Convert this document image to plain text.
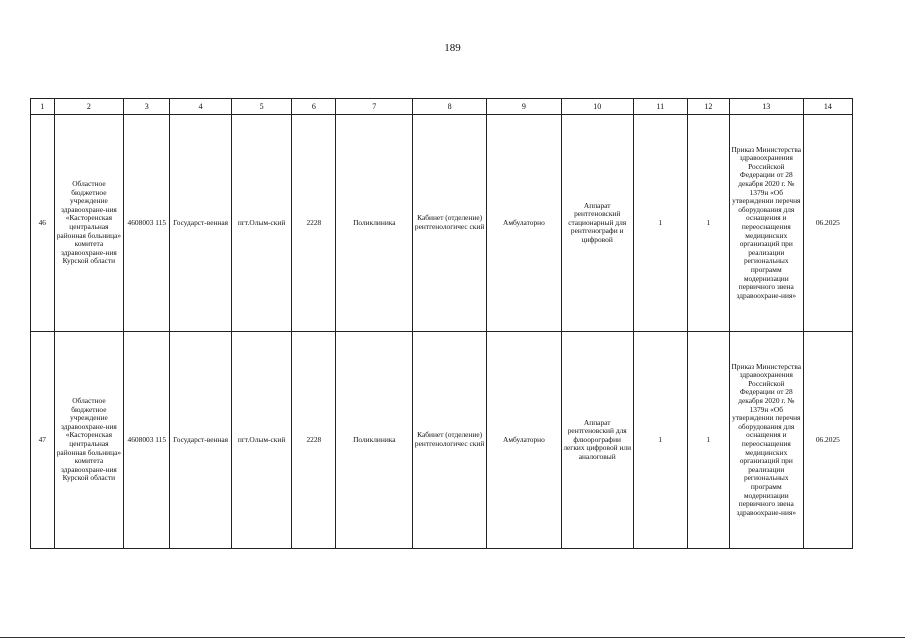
189
1	2	3	4	5	6	7	8	9	10	11	12	13	14
46	Областное бюджетное учреждение здравоохране-ния «Касторенская центральная районная больница» комитета здравоохране-ния Курской области	4608003 115	Государст-венная	пгт.Олым-ский	2228	Поликлиника	Кабинет (отделение) рентгенологичес ский	Амбулаторно	Аппарат рентгеновский стационарный для рентгенографи и цифровой	1	1	Приказ Министерства здравоохранения Российской Федерации от 28 декабря 2020 г. № 1379н «Об утверждении перечня оборудования для оснащения и переоснащения медицинских организаций при реализации региональных программ модернизации первичного звена здравоохране-ния»	06.2025
47	Областное бюджетное учреждение здравоохране-ния «Касторенская центральная районная больница» комитета здравоохране-ния Курской области	4608003 115	Государст-венная	пгт.Олым-ский	2228	Поликлиника	Кабинет (отделение) рентгенологичес ский	Амбулаторно	Аппарат рентгеновский для флюорографии легких цифровой или аналоговый	1	1	Приказ Министерства здравоохранения Российской Федерации от 28 декабря 2020 г. № 1379н «Об утверждении перечня оборудования для оснащения и переоснащения медицинских организаций при реализации региональных программ модернизации первичного звена здравоохране-ния»	06.2025
